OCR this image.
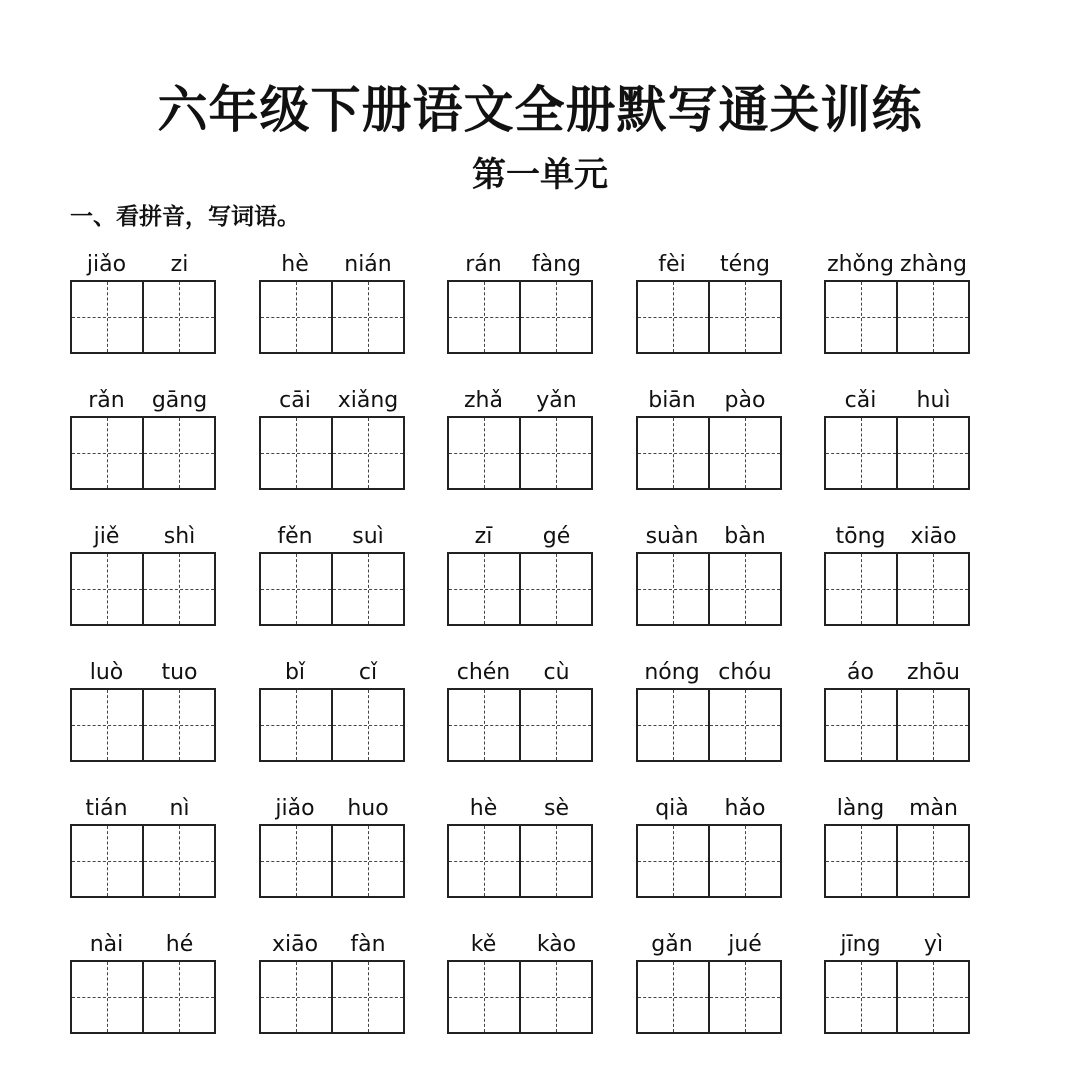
六年级下册语文全册默写通关训练
第一单元
一、看拼音，写词语。
jiǎo	zi	hè	nián	rán	fàng	fèi	téng	zhǒng zhàng
rǎn	gāng	cāi	xiǎng	zhǎ	yǎn	biān	pào	cǎi	huì
jiě	shì	fěn	suì	zī	gé	suàn	bàn	tōng	xiāo
luò	tuo	bǐ	cǐ	chén	cù	nóng chóu	áo	zhōu
tián	nì	jiǎo	huo	hè	sè	qià	hǎo	làng	màn
nài	hé	xiāo	fàn	kě	kào	gǎn	jué	jīng	yì
